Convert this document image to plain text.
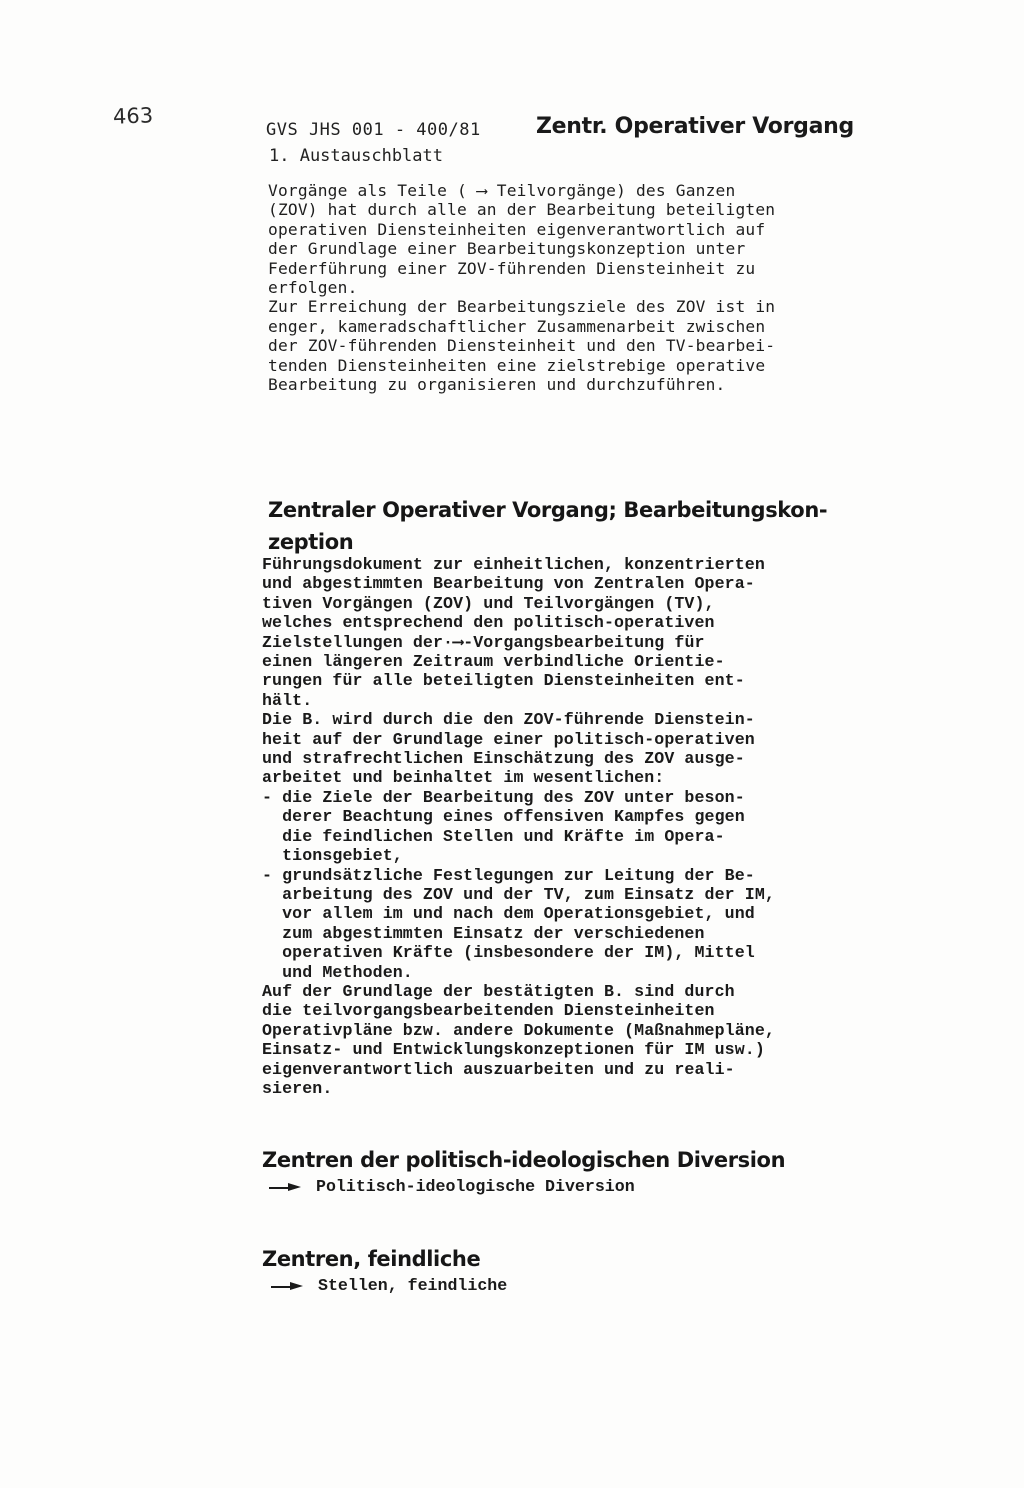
463
GVS JHS 001 - 400/81	Zentr. Operativer Vorgang
1. Austauschblatt
Vorgänge als Teile ( ⟶ Teilvorgänge) des Ganzen
(ZOV) hat durch alle an der Bearbeitung beteiligten
operativen Diensteinheiten eigenverantwortlich auf
der Grundlage einer Bearbeitungskonzeption unter
Federführung einer ZOV-führenden Diensteinheit zu
erfolgen.
Zur Erreichung der Bearbeitungsziele des ZOV ist in
enger, kameradschaftlicher Zusammenarbeit zwischen
der ZOV-führenden Diensteinheit und den TV-bearbei-
tenden Diensteinheiten eine zielstrebige operative
Bearbeitung zu organisieren und durchzuführen.
Zentraler Operativer Vorgang; Bearbeitungskon-
zeption
Führungsdokument zur einheitlichen, konzentrierten
und abgestimmten Bearbeitung von Zentralen Opera-
tiven Vorgängen (ZOV) und Teilvorgängen (TV),
welches entsprechend den politisch-operativen
Zielstellungen der·⟶-Vorgangsbearbeitung für
einen längeren Zeitraum verbindliche Orientie-
rungen für alle beteiligten Diensteinheiten ent-
hält.
Die B. wird durch die den ZOV-führende Dienstein-
heit auf der Grundlage einer politisch-operativen
und strafrechtlichen Einschätzung des ZOV ausge-
arbeitet und beinhaltet im wesentlichen:
- die Ziele der Bearbeitung des ZOV unter beson-
derer Beachtung eines offensiven Kampfes gegen
die feindlichen Stellen und Kräfte im Opera-
tionsgebiet,
- grundsätzliche Festlegungen zur Leitung der Be-
arbeitung des ZOV und der TV, zum Einsatz der IM,
vor allem im und nach dem Operationsgebiet, und
zum abgestimmten Einsatz der verschiedenen
operativen Kräfte (insbesondere der IM), Mittel
und Methoden.
Auf der Grundlage der bestätigten B. sind durch
die teilvorgangsbearbeitenden Diensteinheiten
Operativpläne bzw. andere Dokumente (Maßnahmepläne,
Einsatz- und Entwicklungskonzeptionen für IM usw.)
eigenverantwortlich auszuarbeiten und zu reali-
sieren.
Zentren der politisch-ideologischen Diversion
Politisch-ideologische Diversion
Zentren, feindliche
Stellen, feindliche
